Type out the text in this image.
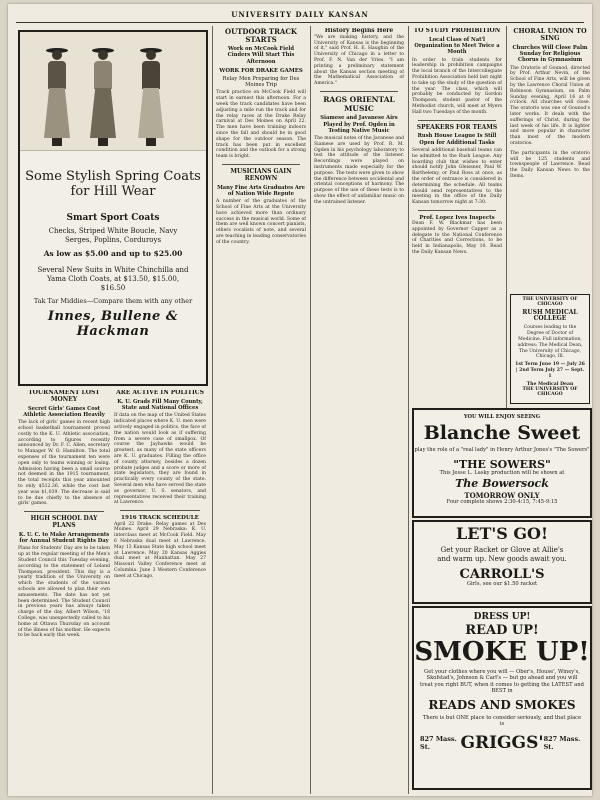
UNIVERSITY DAILY KANSAN
Some Stylish Spring Coats for Hill Wear
Smart Sport Coats
Checks, Striped White Boucle, Navy Serges, Poplins, Corduroys
As low as $5.00 and up to $25.00
Several New Suits in White Chinchilla and Yama Cloth Coats, at $13.50, $15.00, $16.50
Tak Tar Middies—Compare them with any other
Innes, Bullene & Hackman
TOURNAMENT LOST MONEY
Secret Girls' Games Cost Athletic Association Heavily
The lack of girls' games in recent high school basketball tournament proved costly to the K. U. Athletic association, according to figures recently announced by Dr. F. C. Allen, secretary to Manager W. O. Hamilton. The total expenses of the tournament ten were open only to teams winning or losing. Admission having been a small source not deemed in the 1915 tournament, the total receipts this year amounted to only $512.36, while the cost last year was $1,039. The decrease is said to be due chiefly to the absence of girls' games.
HIGH SCHOOL DAY PLANS
K. U. C. to Make Arrangements for Annual Student Rights Day
Plans for Students' Day are to be taken up at the regular meeting of the Men's Student Council this Tuesday evening, according to the statement of Leland Thompson, president. This day is a yearly tradition of the University on which the students of the various schools are allowed to plan their own amusements. The date has not yet been determined. The Student Council in previous years has always taken charge of the day. Albert Wilson, '18 College, was unexpectedly called to his home at Ottawa Thursday on account of the illness of his mother. He expects to be back early this week.
ARE ACTIVE IN POLITICS
K. U. Grads Fill Many County, State and National Offices
If data on the map of the United States indicated places where K. U. men were actively engaged in politics, the face of the nation would look as if suffering from a severe case of smallpox. Of course the Jayhawks would be greatest, as many of the state officers are K. U. graduates. Filling the office of county attorney, besides a dozen probate judges and a score or more of state legislators, they are found in practically every county of the state. Several men who have served the state as governor, U. S. senators, and representatives received their training at Lawrence.
1916 TRACK SCHEDULE
April 22 Drake: Relay games at Des Moines. April 29 Nebraska: K. U. interclass meet at McCook Field. May 6 Nebraska dual meet at Lawrence. May 13 Kansas State high school meet at Lawrence. May 20 Kansas Aggies dual meet at Manhattan. May 27 Missouri Valley Conference meet at Columbia. June 3 Western Conference meet at Chicago.
OUTDOOR TRACK STARTS
Work on McCook Field Cinders Will Start This Afternoon
WORK FOR DRAKE GAMES
Relay Men Preparing for Des Moines Trip
Track practice on McCook Field will start in earnest this afternoon. For a week the track candidates have been adjusting a mile run the track and for the relay races at the Drake Relay carnival at Des Moines on April 22. The men have been training indoors since the fall and should be in good shape for the outdoor season. The track has been put in excellent condition and the outlook for a strong team is bright.
MUSICIANS GAIN RENOWN
Many Fine Arts Graduates Are of Nation Wide Repute
A number of the graduates of the School of Fine Arts at the University have achieved more than ordinary success in the musical world. Some of them are well known concert pianists, others vocalists of note, and several are teaching in leading conservatories of the country.
History Begins Here
"We are making history, and the University of Kansas is the beginning of it," said Prof. H. E. Haughin of the University of Chicago in a letter to Prof. F. N. Van der Vries. "I am printing a preliminary statement about the Kansas section meeting of the Mathematical Association of America."
RAGS ORIENTAL MUSIC
Siamese and Javanese Airs Played by Prof. Ogden in Testing Native Music
The musical notes of the Javanese and Siamese are used by Prof. R. M. Ogden in his psychology laboratory to test the attitude of the listener. Recordings were played on instruments made especially for the purpose. The tests were given to show the difference between occidental and oriental conceptions of harmony. The purpose of the use of these tests is to show the effect of unfamiliar music on the untrained listener.
TO STUDY PROHIBITION
Local Class of Nat'l Organization to Meet Twice a Month
In order to train students for leadership in prohibition campaigns the local branch of the Intercollegiate Prohibition Association held last night to take up the study of the question of the year. The class, which will probably be conducted by Gordon Thompson, student pastor of the Methodist church, will meet at Myers Hall two Tuesdays of the month.
SPEAKERS FOR TEAMS
Rush House League Is Still Open for Additional Tasks
Several additional baseball teams can be admitted to the Rush League. Any boarding club that wishes to enter should notify John Gleissner, Paul W. Barthelemy, or Paul Ross at once, as the order of entrance is considered in determining the schedule. All teams should send representatives to the meeting in the office of the Daily Kansan tomorrow night at 7:30.
Prof. Lopez Ives Inspects
Dean F. W. Blackmar has been appointed by Governor Capper as a delegate to the National Conference of Charities and Corrections, to be held in Indianapolis, May 10. Read the Daily Kansan News.
CHORAL UNION TO SING
Churches Will Close Palm Sunday for Religious Chorus in Gymnasium
The Oratorio of Gounod, directed by Prof. Arthur Nevin, of the School of Fine Arts, will be given by the Lawrence Choral Union at Robinson Gymnasium, on Palm Sunday evening, April 16 at 8 o'clock. All churches will close. The oratorio was one of Gounod's later works. It deals with the sufferings of Christ, during the last week of his life. It is lighter and more popular in character than most of the modern oratorios.
The participants in the oratorio will be 125 students and townspeople of Lawrence. Read the Daily Kansan News to the Items.
THE UNIVERSITY OF CHICAGO
RUSH MEDICAL COLLEGE
Courses leading to the Degree of Doctor of Medicine. Full information, address: The Medical Dean, The University of Chicago, Chicago, Ill.
1st Term June 19 — July 26 | 2nd Term July 27 — Sept. 1
The Medical Dean
THE UNIVERSITY OF CHICAGO
YOU WILL ENJOY SEEING
Blanche Sweet
play the role of a "real lady" in Henry Arthur Jones's "The Sowers"
"THE SOWERS"
This Jesse L. Lasky production will be shown at
The Bowersock
TOMORROW ONLY
Four complete shows 2:30-4:15, 7:45-9:15
LET'S GO!
Get your Racket or Glove at Allie's
and warm up. New goods await you.
CARROLL'S
Girls, see our $1.50 racket
DRESS UP!
READ UP!
SMOKE UP!
Get your clothes where you will — Ober's, House', Winey's, Skofstad's, Johnson & Carl's — but go ahead and you will treat you right BUT, when it comes to getting the LATEST and BEST in
READS AND SMOKES
There is but ONE place to consider seriously, and that place is
827 Mass. St.	GRIGGS' 827 Mass. St.
